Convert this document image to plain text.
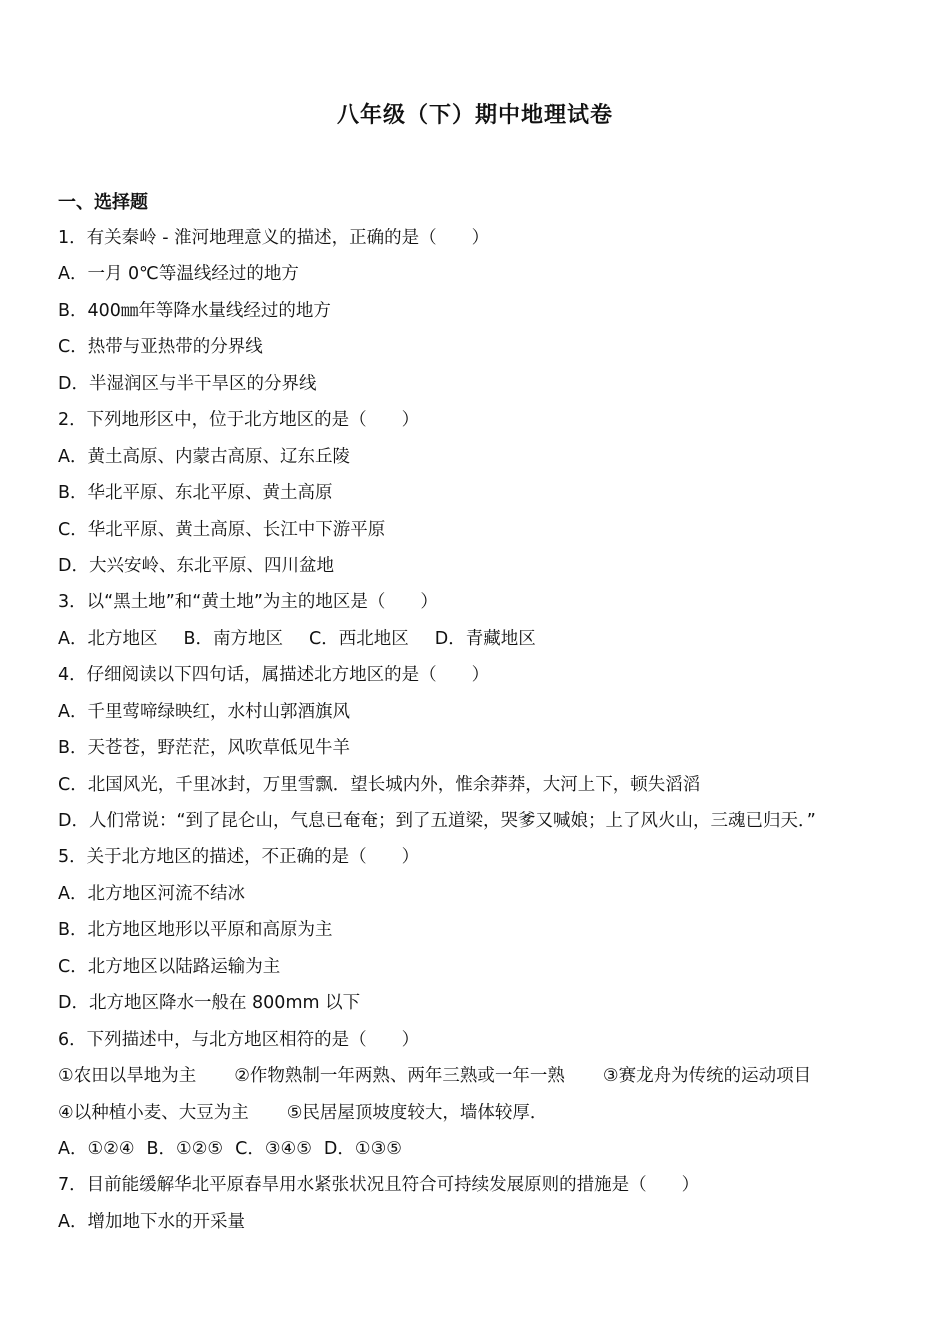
八年级（下）期中地理试卷
一、选择题
1．有关秦岭 - 淮河地理意义的描述，正确的是（　　）
A．一月 0℃等温线经过的地方
B．400㎜年等降水量线经过的地方
C．热带与亚热带的分界线
D．半湿润区与半干旱区的分界线
2．下列地形区中，位于北方地区的是（　　）
A．黄土高原、内蒙古高原、辽东丘陵
B．华北平原、东北平原、黄土高原
C．华北平原、黄土高原、长江中下游平原
D．大兴安岭、东北平原、四川盆地
3．以“黑土地”和“黄土地”为主的地区是（　　）
A．北方地区 B．南方地区 C．西北地区 D．青藏地区
4．仔细阅读以下四句话，属描述北方地区的是（　　）
A．千里莺啼绿映红，水村山郭酒旗风
B．天苍苍，野茫茫，风吹草低见牛羊
C．北国风光，千里冰封，万里雪飘．望长城内外，惟余莽莽，大河上下，顿失滔滔
D．人们常说：“到了昆仑山，气息已奄奄；到了五道梁，哭爹又喊娘；上了风火山，三魂已归天．”
5．关于北方地区的描述，不正确的是（　　）
A．北方地区河流不结冰
B．北方地区地形以平原和高原为主
C．北方地区以陆路运输为主
D．北方地区降水一般在 800mm 以下
6．下列描述中，与北方地区相符的是（　　）
①农田以旱地为主 ②作物熟制一年两熟、两年三熟或一年一熟 ③赛龙舟为传统的运动项目
④以种植小麦、大豆为主 ⑤民居屋顶坡度较大，墙体较厚．
A．①②④ B．①②⑤ C．③④⑤ D．①③⑤
7．目前能缓解华北平原春旱用水紧张状况且符合可持续发展原则的措施是（　　）
A．增加地下水的开采量
